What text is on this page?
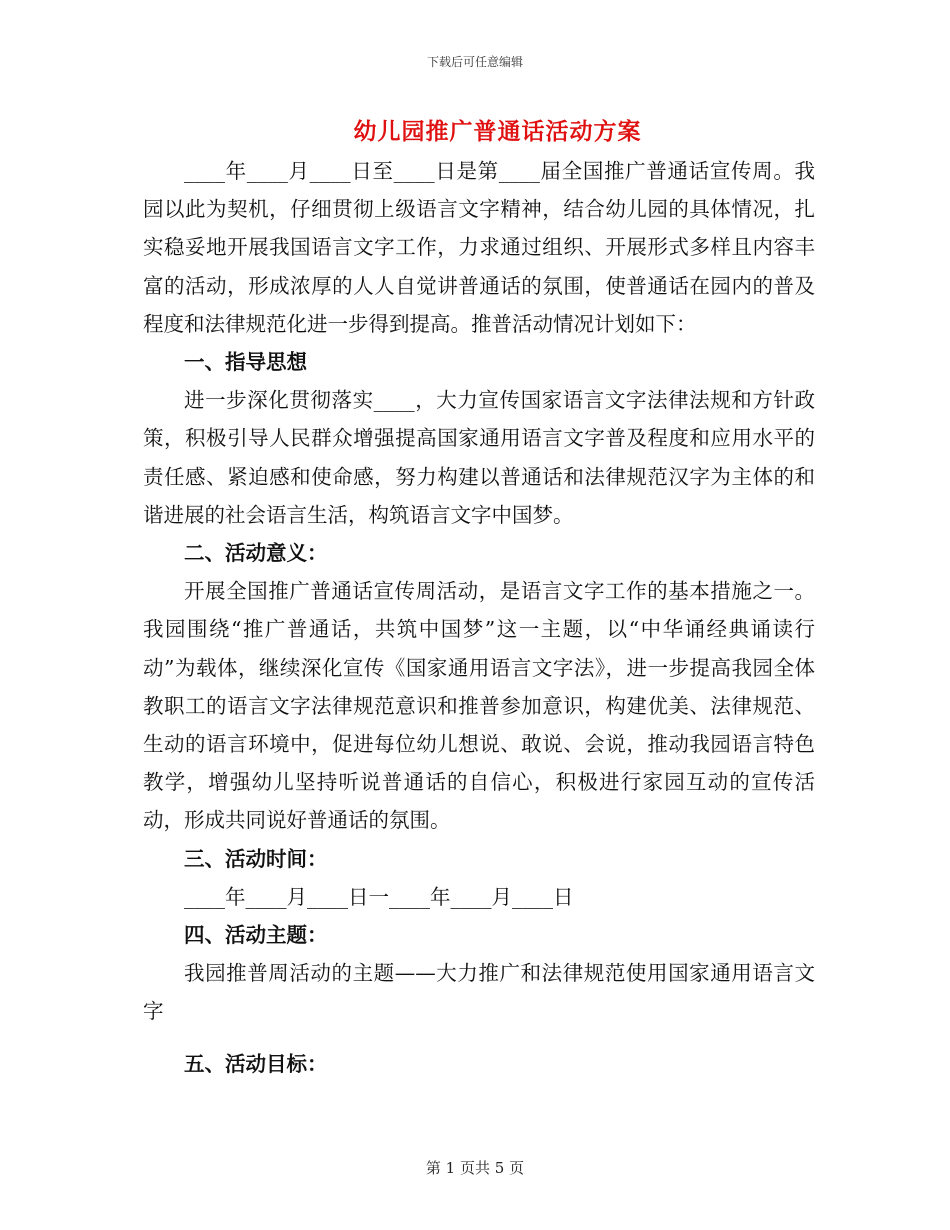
下载后可任意编辑
幼儿园推广普通话活动方案

____年____月____日至____日是第____届全国推广普通话宣传周。我园以此为契机，仔细贯彻上级语言文字精神，结合幼儿园的具体情况，扎实稳妥地开展我国语言文字工作，力求通过组织、开展形式多样且内容丰富的活动，形成浓厚的人人自觉讲普通话的氛围，使普通话在园内的普及程度和法律规范化进一步得到提高。推普活动情况计划如下：

一、指导思想

进一步深化贯彻落实____，大力宣传国家语言文字法律法规和方针政策，积极引导人民群众增强提高国家通用语言文字普及程度和应用水平的责任感、紧迫感和使命感，努力构建以普通话和法律规范汉字为主体的和谐进展的社会语言生活，构筑语言文字中国梦。

二、活动意义：

开展全国推广普通话宣传周活动，是语言文字工作的基本措施之一。我园围绕“推广普通话，共筑中国梦”这一主题，以“中华诵经典诵读行动”为载体，继续深化宣传《国家通用语言文字法》，进一步提高我园全体教职工的语言文字法律规范意识和推普参加意识，构建优美、法律规范、生动的语言环境中，促进每位幼儿想说、敢说、会说，推动我园语言特色教学，增强幼儿坚持听说普通话的自信心，积极进行家园互动的宣传活动，形成共同说好普通话的氛围。

三、活动时间：

____年____月____日一____年____月____日

四、活动主题：

我园推普周活动的主题——大力推广和法律规范使用国家通用语言文字

五、活动目标：
第 1 页共 5 页
